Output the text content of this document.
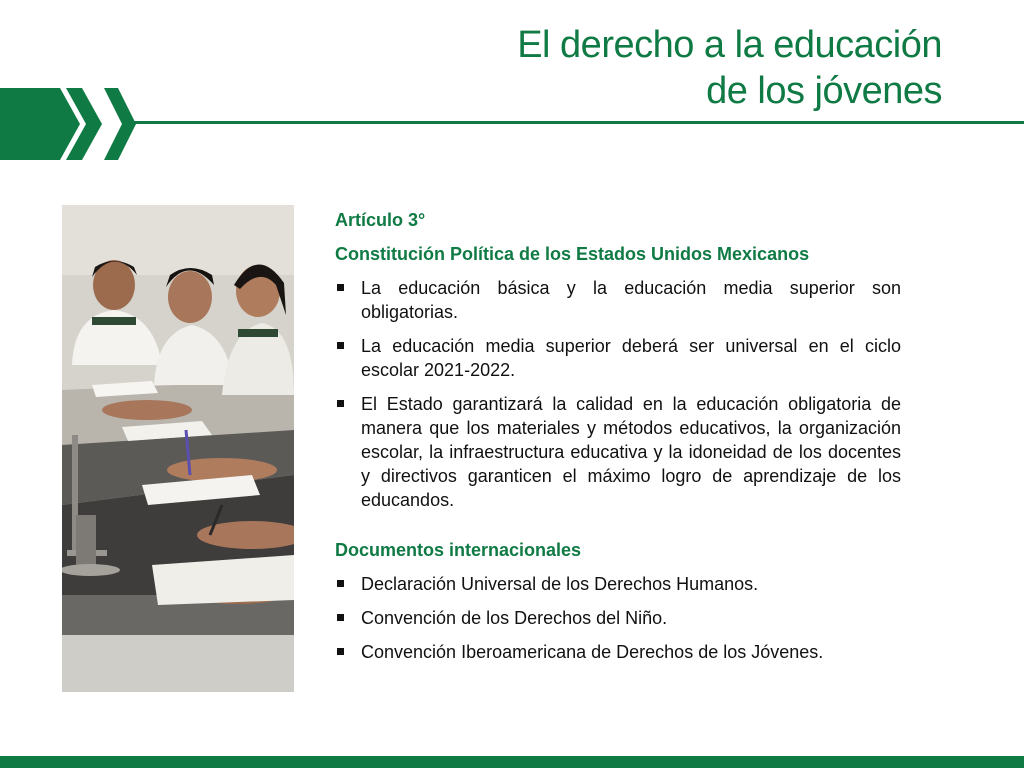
El derecho a la educación
de los jóvenes

Artículo 3°

Constitución Política de los Estados Unidos Mexicanos

La educación básica y la educación media superior son obligatorias.
La educación media superior deberá ser universal en el ciclo escolar 2021-2022.
El Estado garantizará la calidad en la educación obligatoria de manera que los materiales y métodos educativos, la organización escolar, la infraestructura educativa y la idoneidad de los docentes y directivos garanticen el máximo logro de aprendizaje de los educandos.

Documentos internacionales

Declaración Universal de los Derechos Humanos.
Convención de los Derechos del Niño.
Convención Iberoamericana de Derechos de los Jóvenes.
